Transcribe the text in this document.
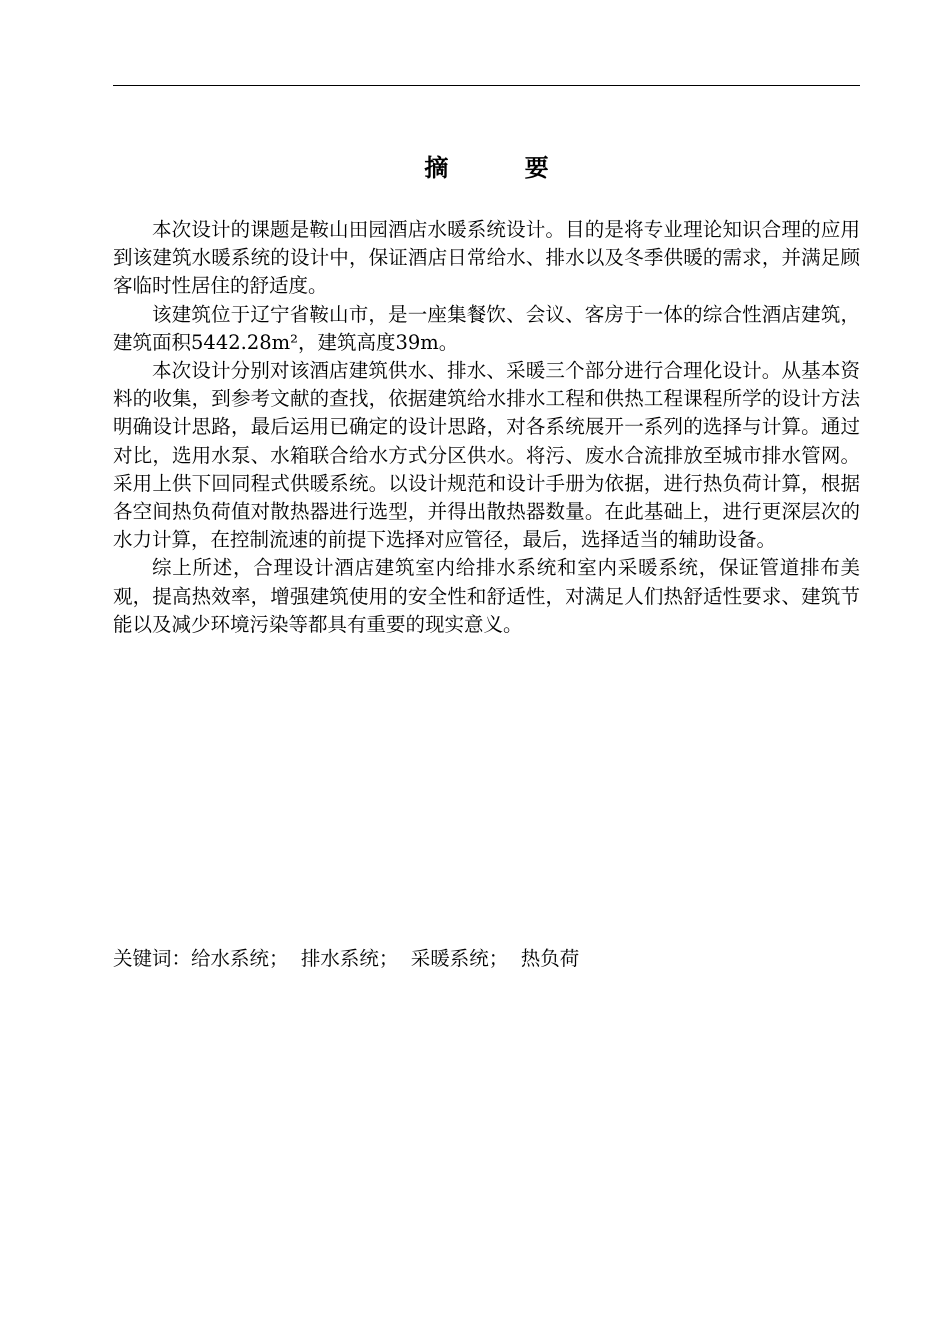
摘 要

本次设计的课题是鞍山田园酒店水暖系统设计。目的是将专业理论知识合理的应用到该建筑水暖系统的设计中，保证酒店日常给水、排水以及冬季供暖的需求，并满足顾客临时性居住的舒适度。

该建筑位于辽宁省鞍山市，是一座集餐饮、会议、客房于一体的综合性酒店建筑，建筑面积5442.28m²，建筑高度39m。

本次设计分别对该酒店建筑供水、排水、采暖三个部分进行合理化设计。从基本资料的收集，到参考文献的查找，依据建筑给水排水工程和供热工程课程所学的设计方法明确设计思路，最后运用已确定的设计思路，对各系统展开一系列的选择与计算。通过对比，选用水泵、水箱联合给水方式分区供水。将污、废水合流排放至城市排水管网。采用上供下回同程式供暖系统。以设计规范和设计手册为依据，进行热负荷计算，根据各空间热负荷值对散热器进行选型，并得出散热器数量。在此基础上，进行更深层次的水力计算，在控制流速的前提下选择对应管径，最后，选择适当的辅助设备。

综上所述，合理设计酒店建筑室内给排水系统和室内采暖系统，保证管道排布美观，提高热效率，增强建筑使用的安全性和舒适性，对满足人们热舒适性要求、建筑节能以及减少环境污染等都具有重要的现实意义。

关键词：给水系统；  排水系统；  采暖系统；  热负荷
